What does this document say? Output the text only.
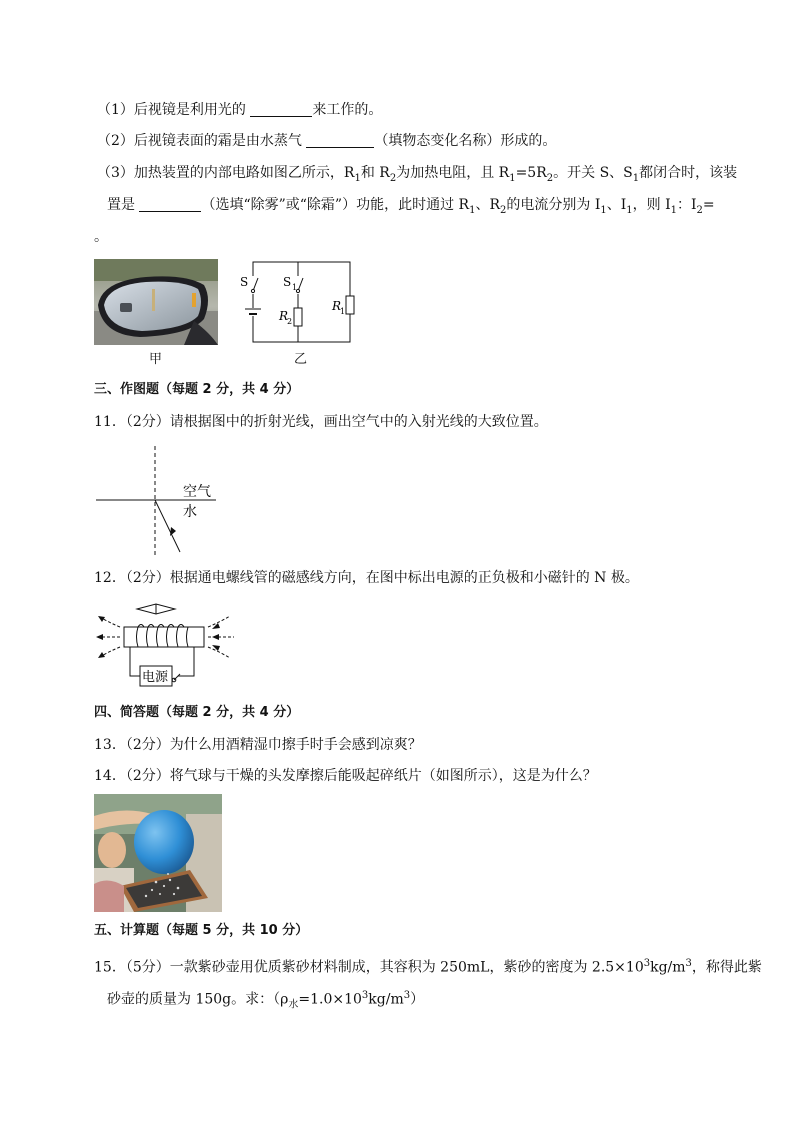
（1）后视镜是利用光的	来工作的。
（2）后视镜表面的霜是由水蒸气	（填物态变化名称）形成的。
（3）加热装置的内部电路如图乙所示，$R_1$和 $R_2$为加热电阻，且 $R_1=5R_2$。开关 S、$S_1$都闭合时，该装
置是	（选填“除雾”或“除霜”）功能，此时通过 $R_1$、$R_2$的电流分别为 $I_1$、$I_1$，则 $I_1$：$I_2=$
。
甲
S	S 1
R
2
R
1
乙
三、作图题（每题 2 分，共 4 分）
11．（2分）请根据图中的折射光线，画出空气中的入射光线的大致位置。
空气
水
12．（2分）根据通电螺线管的磁感线方向，在图中标出电源的正负极和小磁针的 N 极。
电源
四、简答题（每题 2 分，共 4 分）
13．（2分）为什么用酒精湿巾擦手时手会感到凉爽？
14．（2分）将气球与干燥的头发摩擦后能吸起碎纸片（如图所示），这是为什么？
五、计算题（每题 5 分，共 10 分）
15．（5分）一款紫砂壶用优质紫砂材料制成，其容积为 250mL，紫砂的密度为 $2.5\times 10^3kg/m^3$，称得此紫
砂壶的质量为 150g。求：$(\rho_水=1.0\times 10^3kg/m^3)$
